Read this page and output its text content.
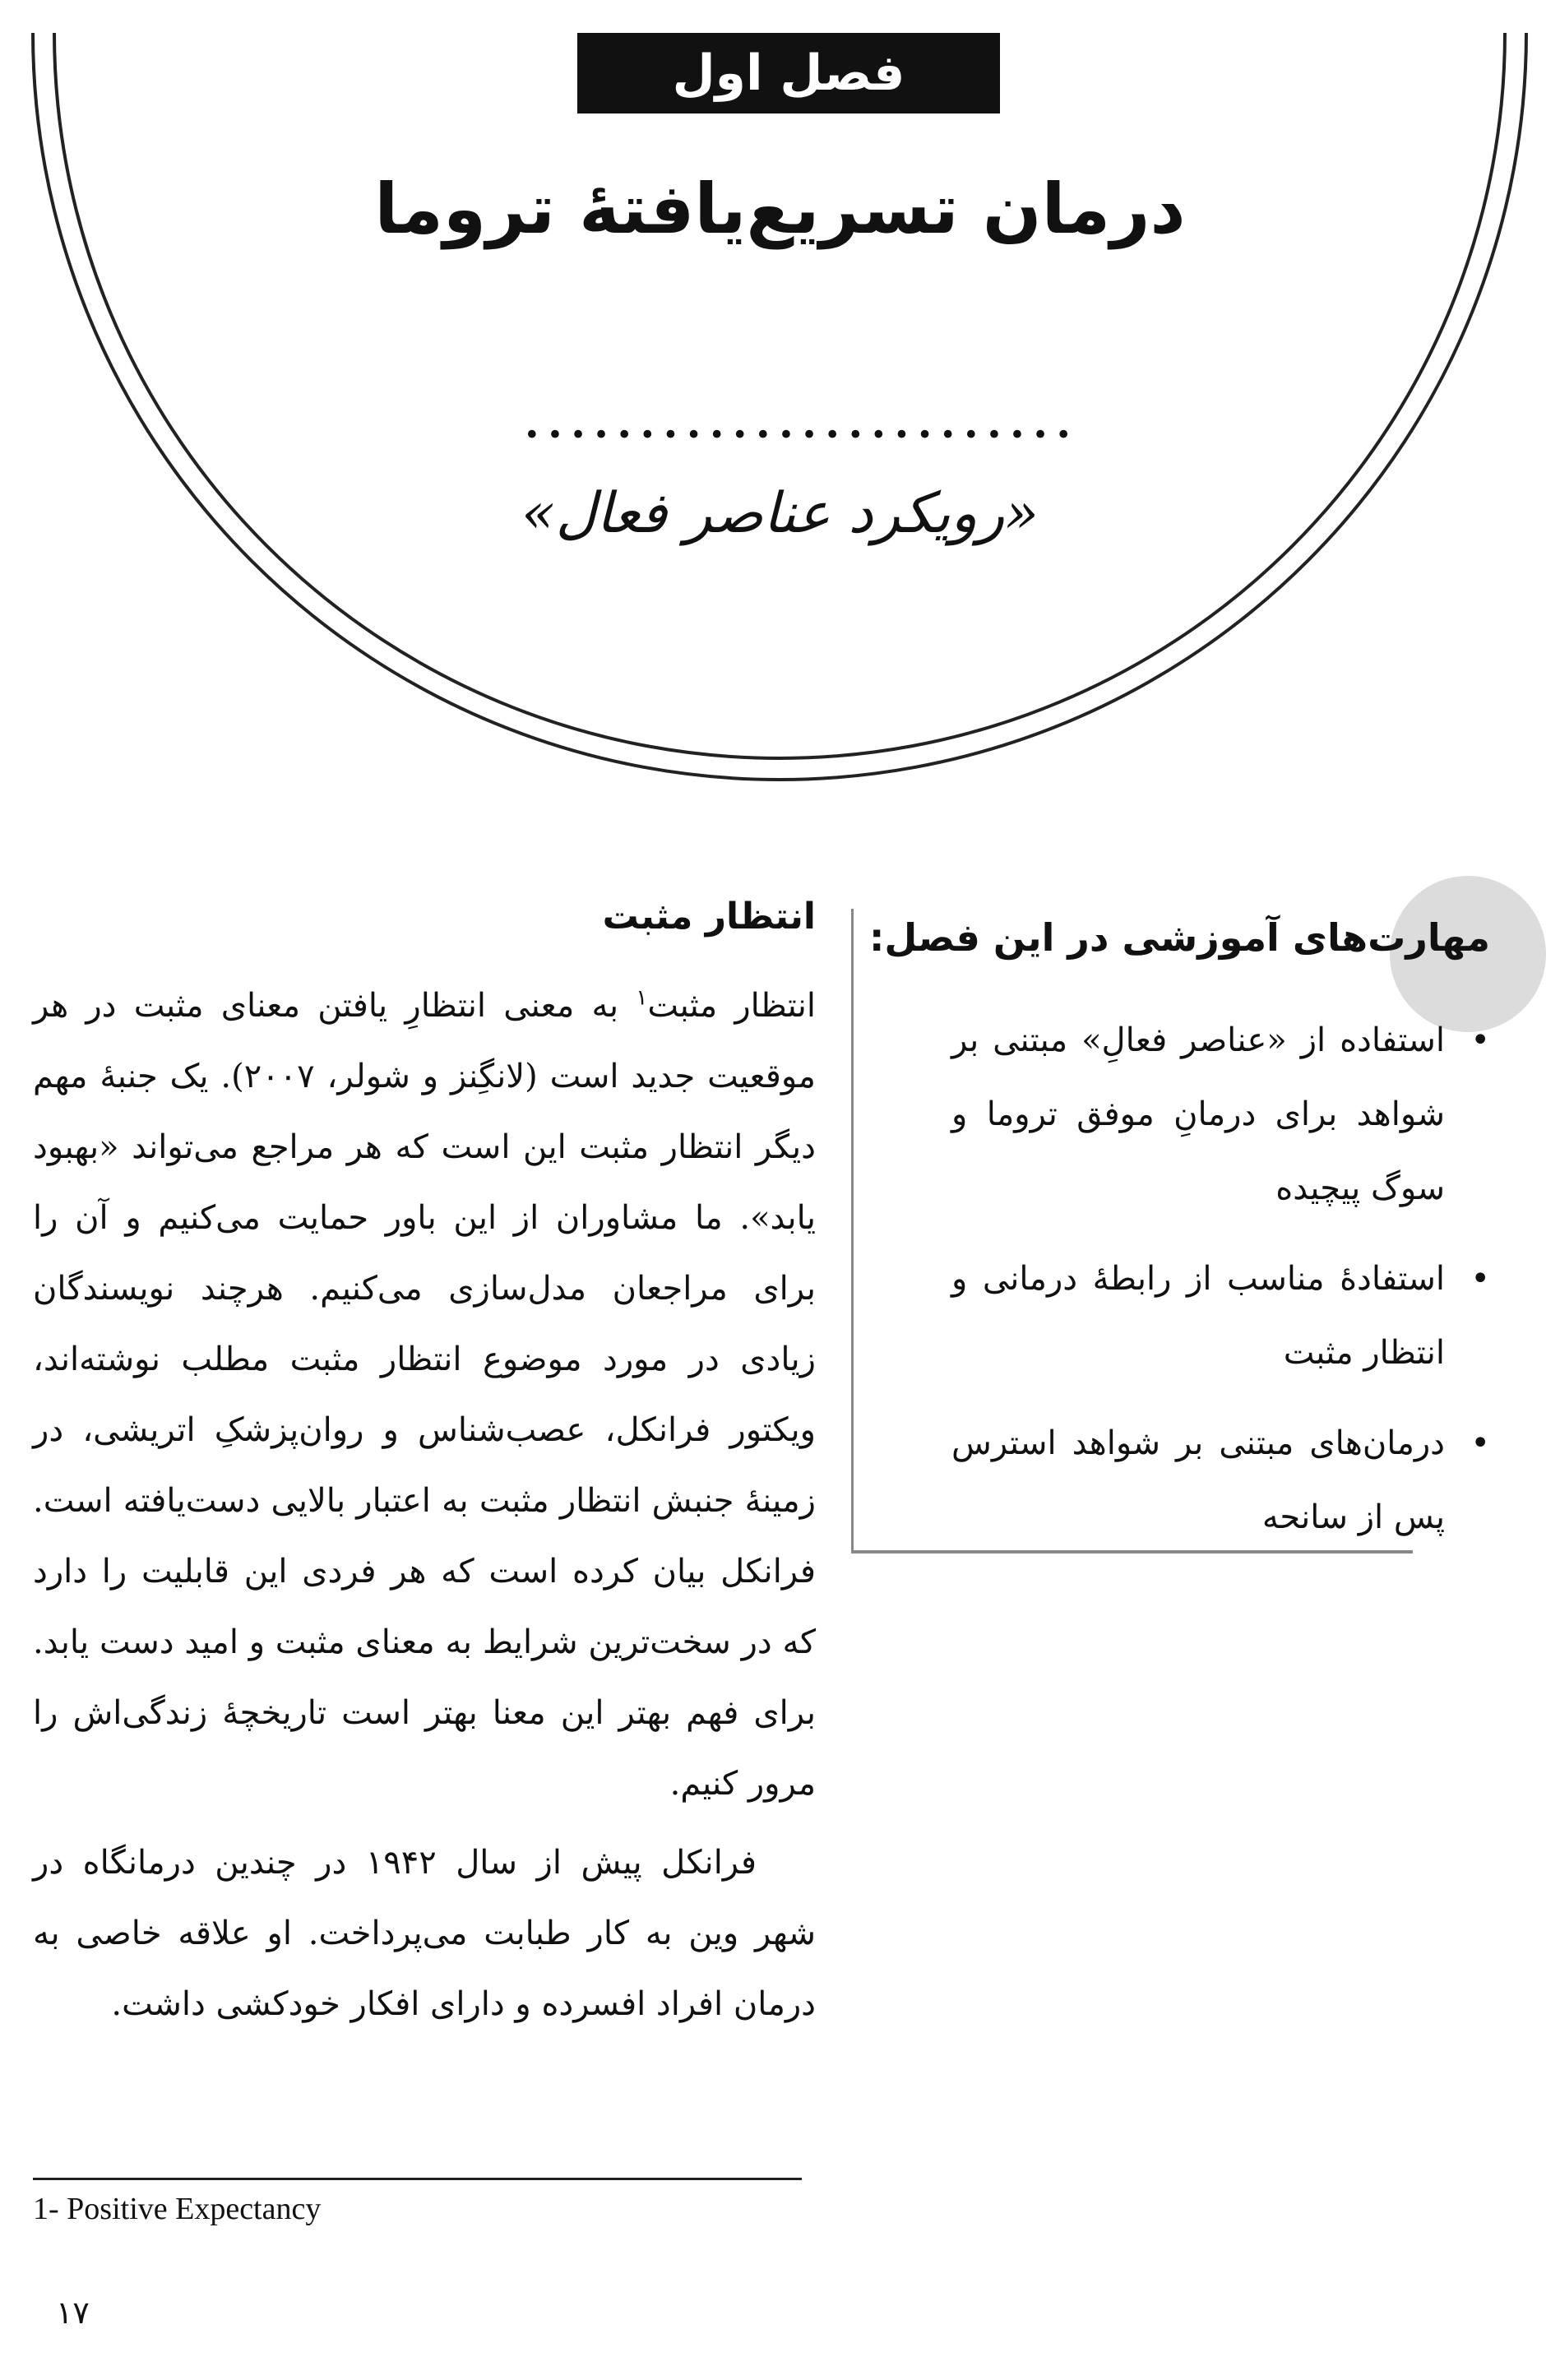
فصل اول
درمان تسریع‌یافتهٔ تروما
........................
«رویکرد عناصر فعال»
انتظار مثبت

انتظار مثبت$^۱$ به معنی انتظارِ یافتن معنای مثبت در هر موقعیت جدید است (لانگِنز و شولر، ۲۰۰۷). یک جنبهٔ مهم دیگر انتظار مثبت این است که هر مراجع می‌تواند «بهبود یابد». ما مشاوران از این باور حمایت می‌کنیم و آن را برای مراجعان مدل‌سازی می‌کنیم. هرچند نویسندگان زیادی در مورد موضوع انتظار مثبت مطلب نوشته‌اند، ویکتور فرانکل، عصب‌شناس و روان‌پزشکِ اتریشی، در زمینهٔ جنبش انتظار مثبت به اعتبار بالایی دست‌یافته است. فرانکل بیان کرده است که هر فردی این قابلیت را دارد که در سخت‌ترین شرایط به معنای مثبت و امید دست یابد. برای فهم بهتر این معنا بهتر است تاریخچهٔ زندگی‌اش را مرور کنیم.

فرانکل پیش از سال ۱۹۴۲ در چندین درمانگاه در شهر وین به کار طبابت می‌پرداخت. او علاقه خاصی به درمان افراد افسرده و دارای افکار خودکشی داشت.

مهارت‌های آموزشی در این فصل:
•
استفاده از «عناصر فعالِ» مبتنی بر شواهد برای درمانِ موفق تروما و سوگ پیچیده
•
استفادهٔ مناسب از رابطهٔ درمانی و انتظار مثبت
•
درمان‌های مبتنی بر شواهد استرس پس از سانحه
1- Positive Expectancy
۱۷
